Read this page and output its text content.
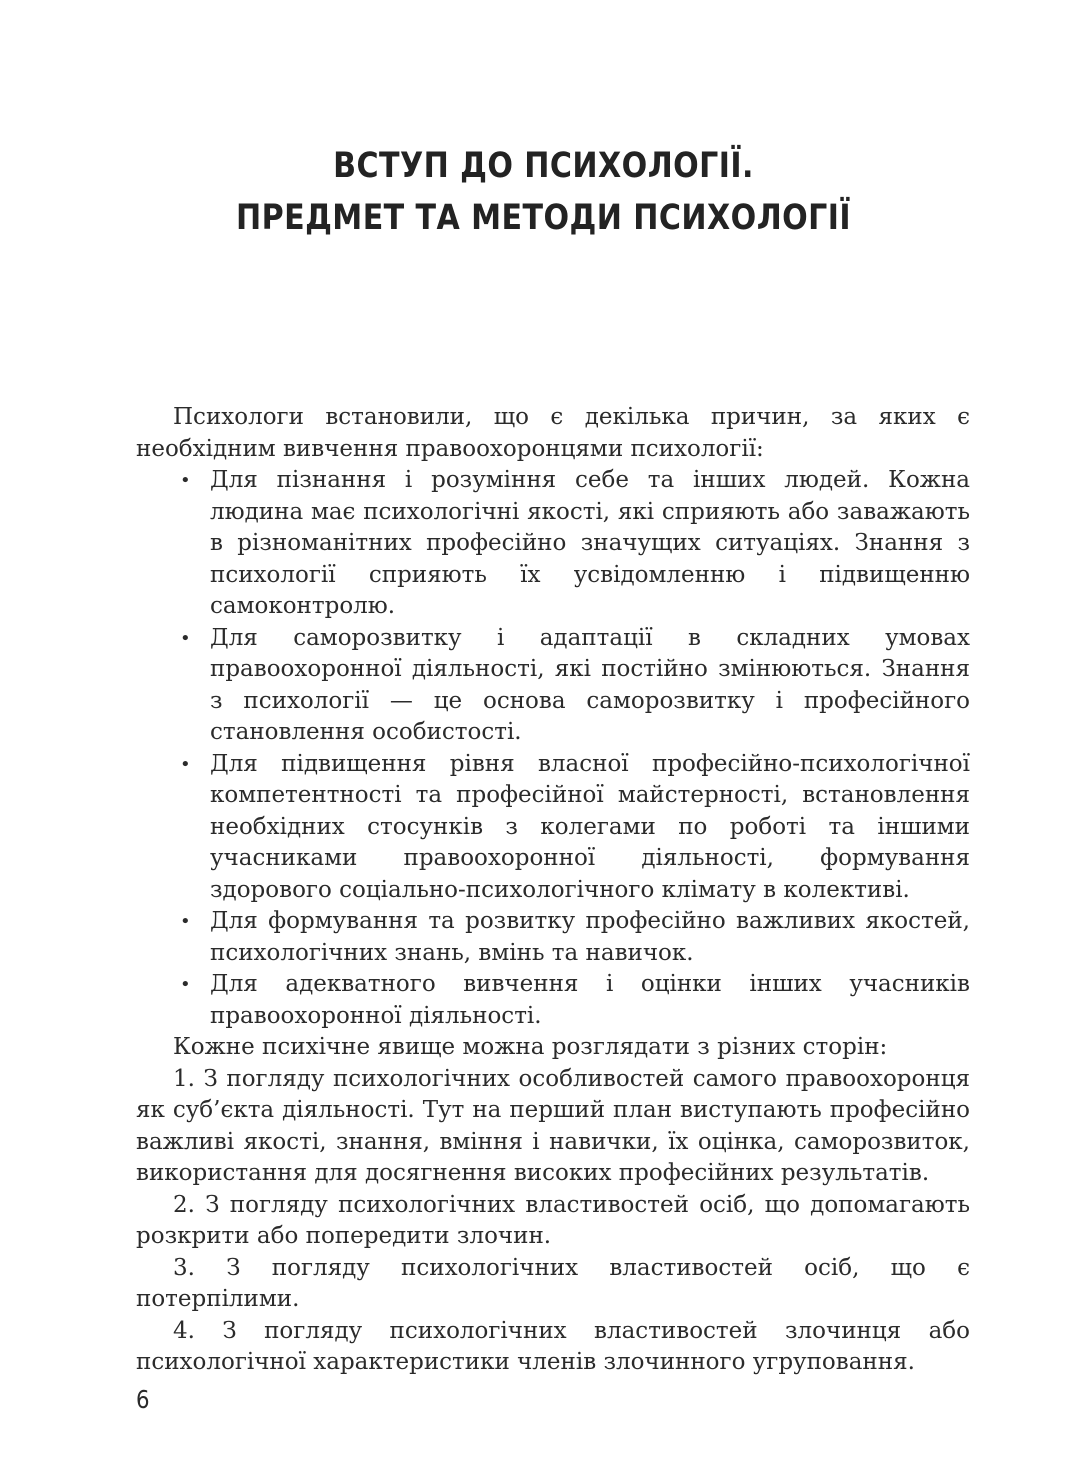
ВСТУП ДО ПСИХОЛОГІЇ.
ПРЕДМЕТ ТА МЕТОДИ ПСИХОЛОГІЇ

Психологи встановили, що є декілька причин, за яких є необхідним вивчення правоохоронцями психології:

• Для пізнання і розуміння себе та інших людей. Кожна людина має психологічні якості, які сприяють або заважають в різноманітних професійно значущих ситуаціях. Знання з психології сприяють їх усвідомленню і підвищенню самоконтролю.
• Для саморозвитку і адаптації в складних умовах правоохоронної діяльності, які постійно змінюються. Знання з психології — це основа саморозвитку і професійного становлення особистості.
• Для підвищення рівня власної професійно-психологічної компетентності та професійної майстерності, встановлення необхідних стосунків з колегами по роботі та іншими учасниками правоохоронної діяльності, формування здорового соціально-психологічного клімату в колективі.
• Для формування та розвитку професійно важливих якостей, психологічних знань, вмінь та навичок.
• Для адекватного вивчення і оцінки інших учасників правоохоронної діяльності.

Кожне психічне явище можна розглядати з різних сторін:

1. З погляду психологічних особливостей самого правоохоронця як суб’єкта діяльності. Тут на перший план виступають професійно важливі якості, знання, вміння і навички, їх оцінка, саморозвиток, використання для досягнення високих професійних результатів.

2. З погляду психологічних властивостей осіб, що допомагають розкрити або попередити злочин.

3. З погляду психологічних властивостей осіб, що є потерпілими.

4. З погляду психологічних властивостей злочинця або психологічної характеристики членів злочинного угруповання.

6
